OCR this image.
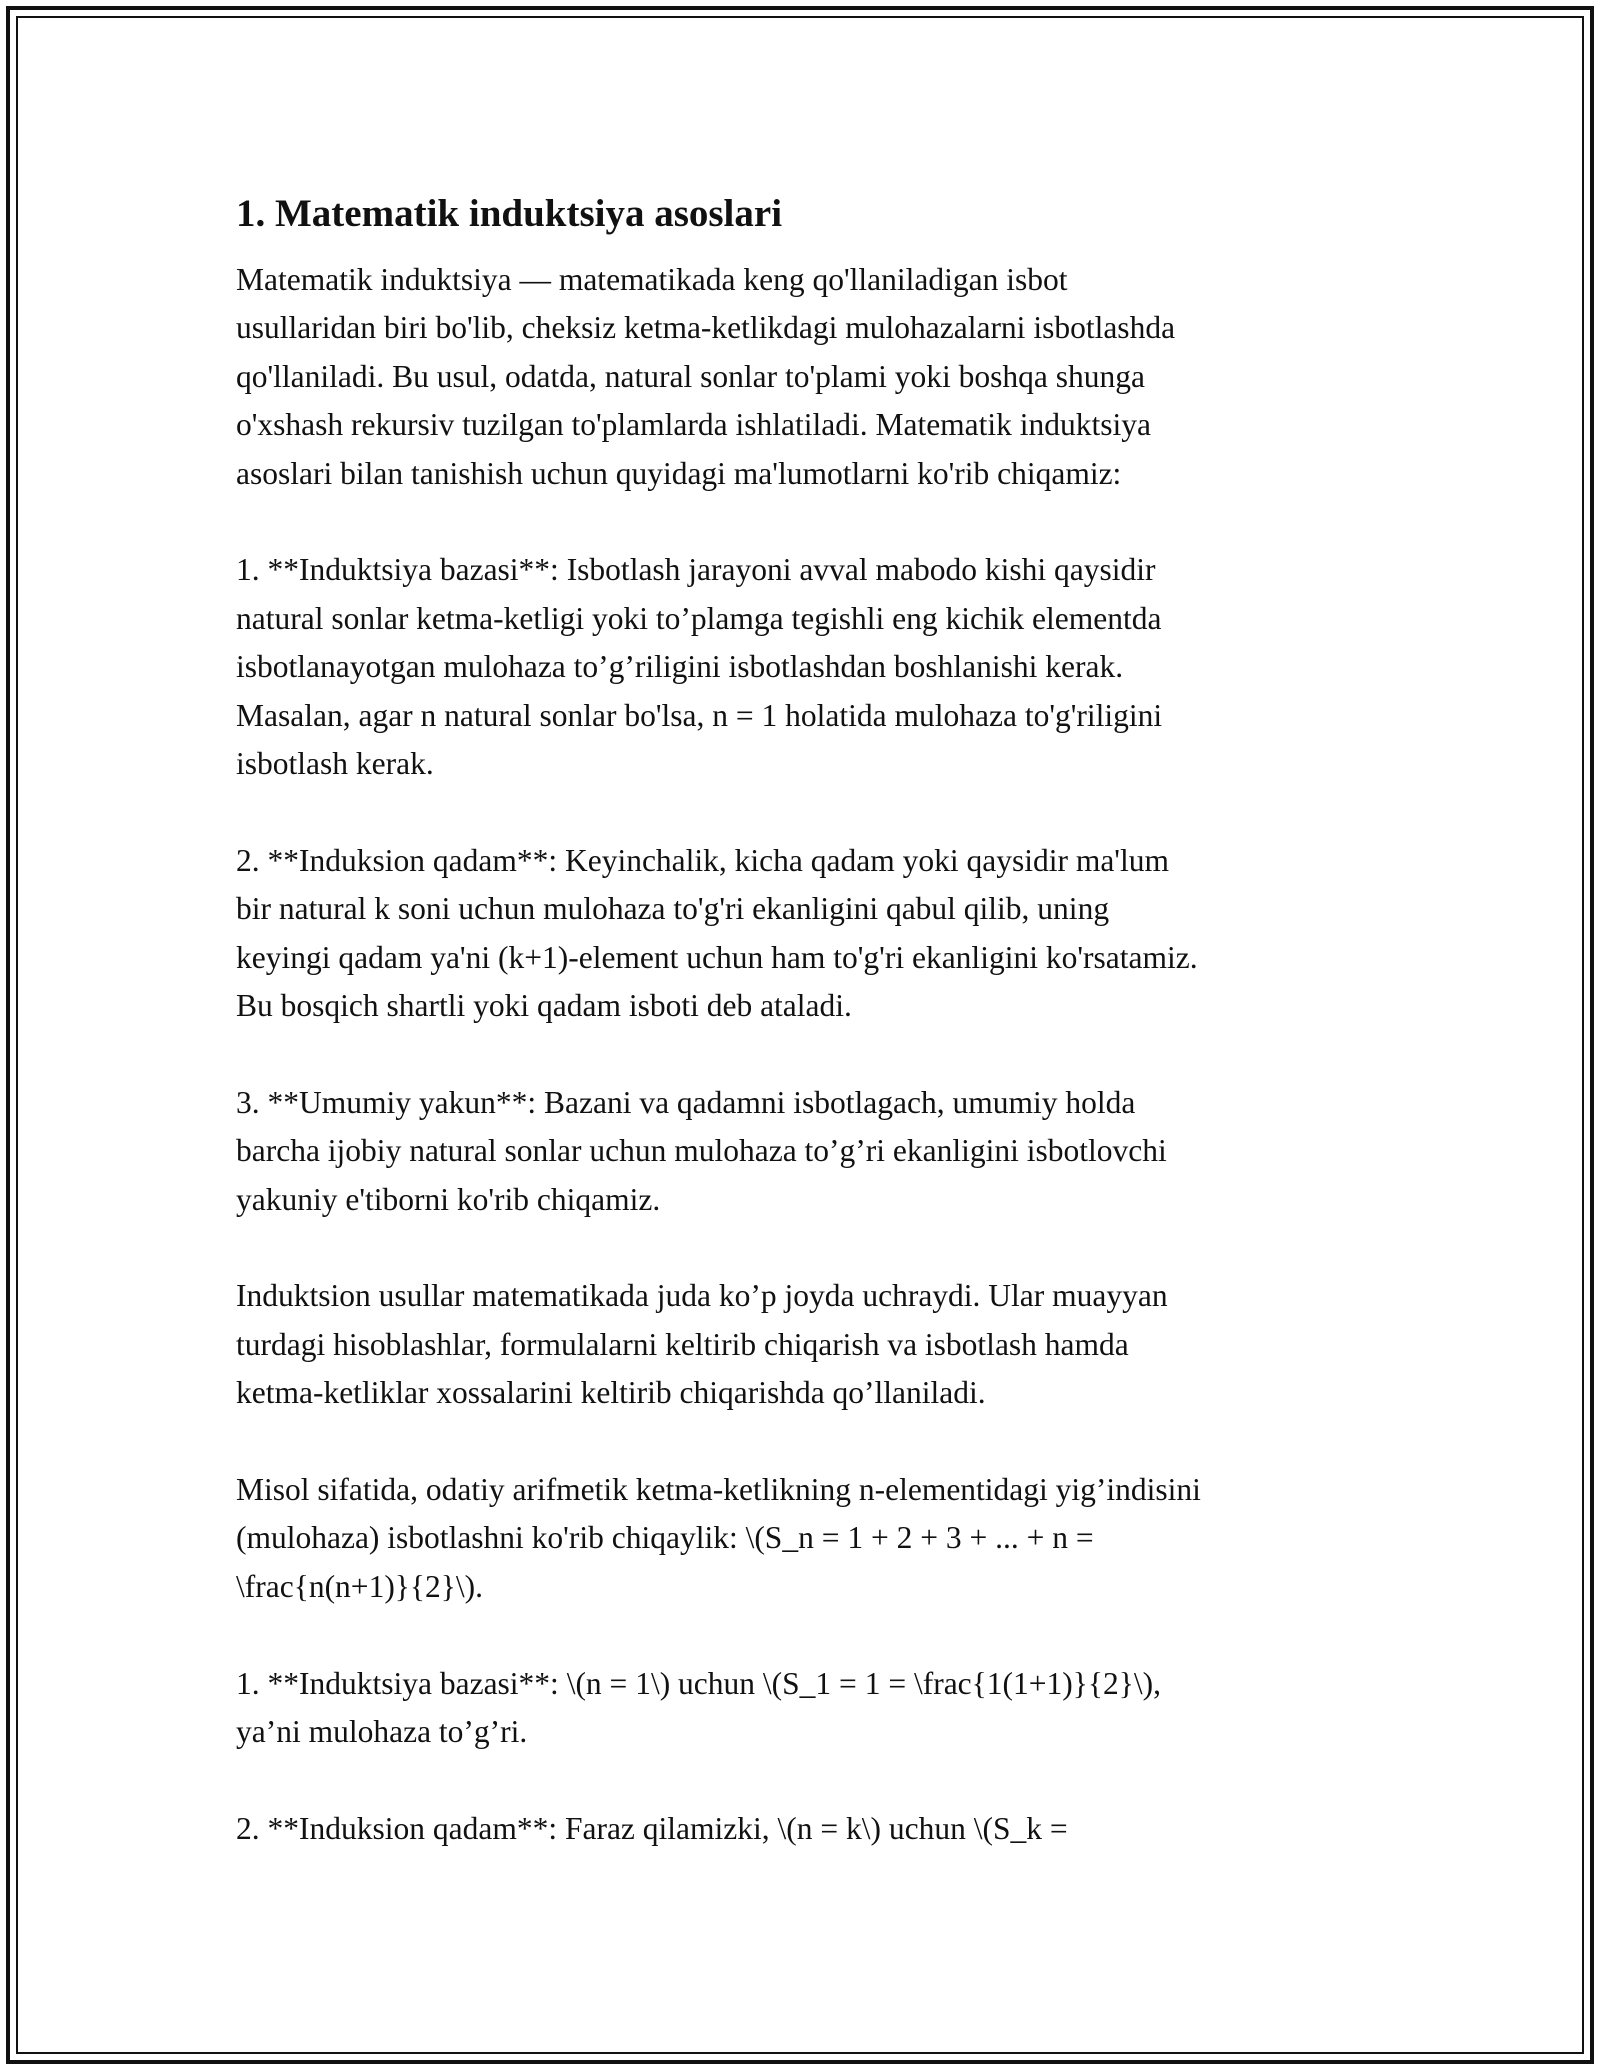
1. Matematik induktsiya asoslari

Matematik induktsiya — matematikada keng qo'llaniladigan isbot
usullaridan biri bo'lib, cheksiz ketma-ketlikdagi mulohazalarni isbotlashda
qo'llaniladi. Bu usul, odatda, natural sonlar to'plami yoki boshqa shunga
o'xshash rekursiv tuzilgan to'plamlarda ishlatiladi. Matematik induktsiya
asoslari bilan tanishish uchun quyidagi ma'lumotlarni ko'rib chiqamiz:

1. **Induktsiya bazasi**: Isbotlash jarayoni avval mabodo kishi qaysidir
natural sonlar ketma-ketligi yoki to’plamga tegishli eng kichik elementda
isbotlanayotgan mulohaza to’g’riligini isbotlashdan boshlanishi kerak.
Masalan, agar n natural sonlar bo'lsa, n = 1 holatida mulohaza to'g'riligini
isbotlash kerak.

2. **Induksion qadam**: Keyinchalik, kicha qadam yoki qaysidir ma'lum
bir natural k soni uchun mulohaza to'g'ri ekanligini qabul qilib, uning
keyingi qadam ya'ni (k+1)-element uchun ham to'g'ri ekanligini ko'rsatamiz.
Bu bosqich shartli yoki qadam isboti deb ataladi.

3. **Umumiy yakun**: Bazani va qadamni isbotlagach, umumiy holda
barcha ijobiy natural sonlar uchun mulohaza to’g’ri ekanligini isbotlovchi
yakuniy e'tiborni ko'rib chiqamiz.

Induktsion usullar matematikada juda ko’p joyda uchraydi. Ular muayyan
turdagi hisoblashlar, formulalarni keltirib chiqarish va isbotlash hamda
ketma-ketliklar xossalarini keltirib chiqarishda qo’llaniladi.

Misol sifatida, odatiy arifmetik ketma-ketlikning n-elementidagi yig’indisini
(mulohaza) isbotlashni ko'rib chiqaylik: \(S_n = 1 + 2 + 3 + ... + n =
\frac{n(n+1)}{2}\).

1. **Induktsiya bazasi**: \(n = 1\) uchun \(S_1 = 1 = \frac{1(1+1)}{2}\),
ya’ni mulohaza to’g’ri.

2. **Induksion qadam**: Faraz qilamizki, \(n = k\) uchun \(S_k =
